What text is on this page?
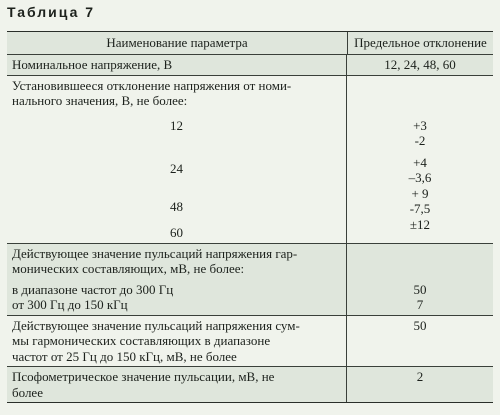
Таблица 7
Наименование параметра	Предельное отклонение
Номинальное напряжение, В	12, 24, 48, 60
Установившееся отклонение напряжения от номи-
нального значения, В, не более:
12
24
48
60
+3
-2
+4
–3,6
+ 9
-7,5
±12
Действующее значение пульсаций напряжения гар-
монических составляющих, мВ, не более:
в диапазоне частот до 300 Гц
от 300 Гц до 150 кГц
50
7
Действующее значение пульсаций напряжения сум-
мы гармонических составляющих в диапазоне
частот от 25 Гц до 150 кГц, мВ, не более
50
Псофометрическое значение пульсации, мВ, не
более
2
